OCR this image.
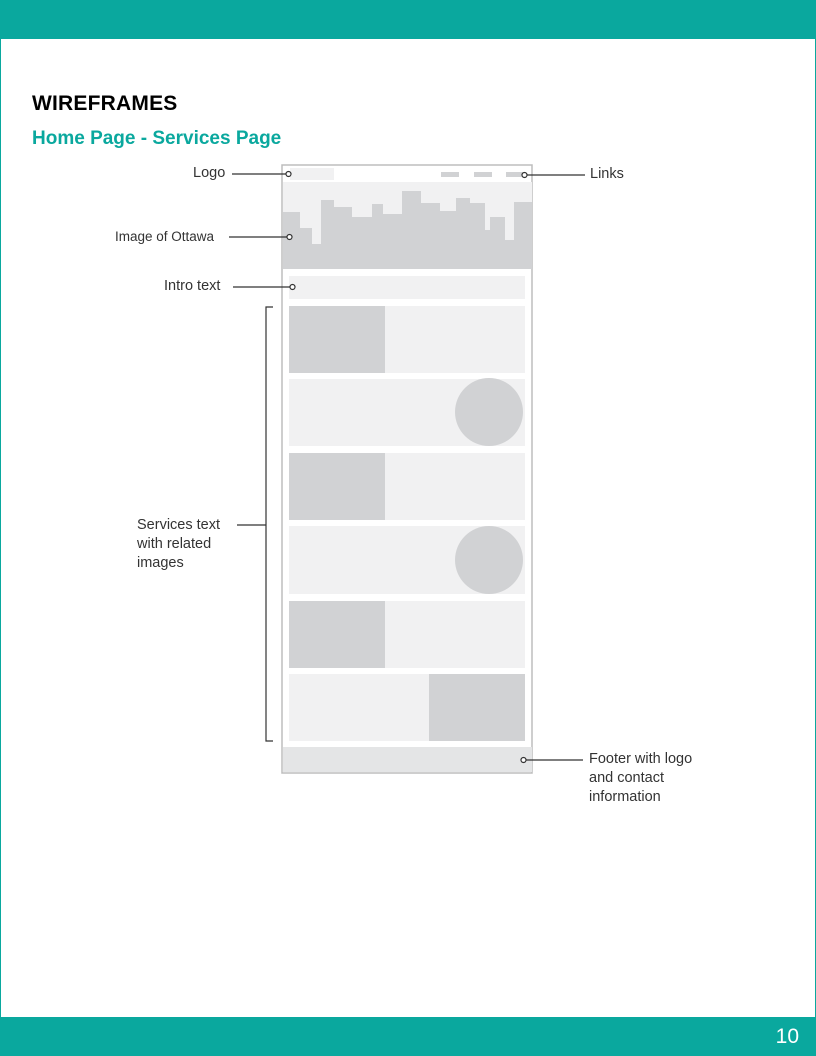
WIREFRAMES
Home Page - Services Page
Logo	Links
Image of Ottawa
Intro text
Services text
with related
images
Footer with logo
and contact
information
10
